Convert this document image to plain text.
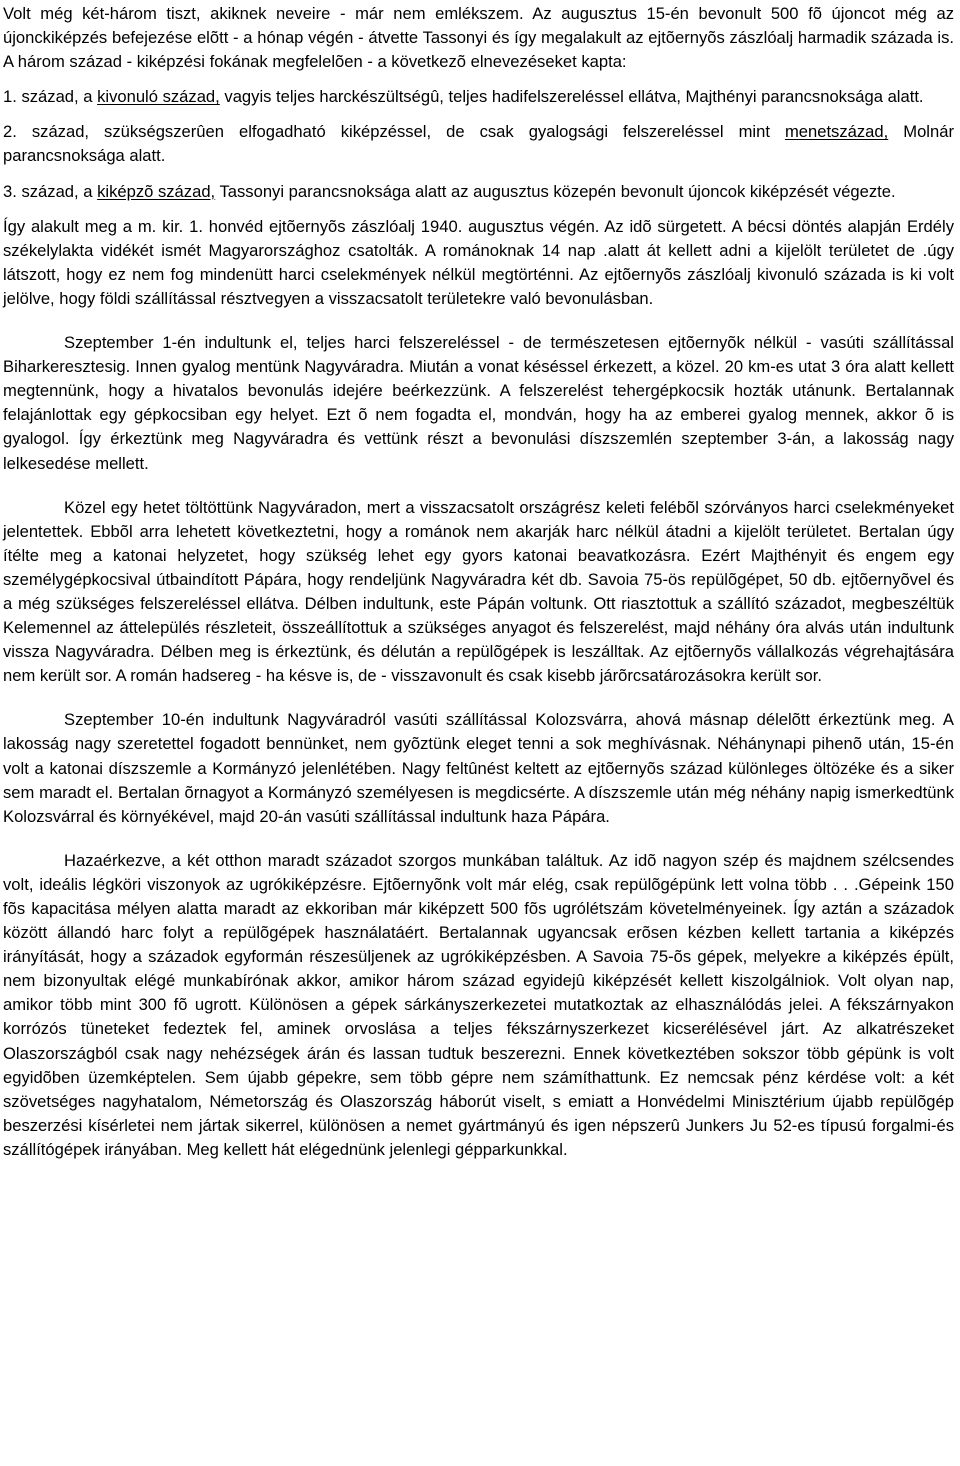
Volt még két-három tiszt, akiknek neveire - már nem emlékszem. Az augusztus 15-én bevonult 500 fõ újoncot még az újonckiképzés befejezése elõtt - a hónap végén - átvette Tassonyi és így megalakult az ejtõernyõs zászlóalj harmadik százada is. A három század - kiképzési fokának megfelelõen - a következõ elnevezéseket kapta:

1. század, a kivonuló század, vagyis teljes harckészültségû, teljes hadifelszereléssel ellátva, Majthényi parancsnoksága alatt.

2. század, szükségszerûen elfogadható kiképzéssel, de csak gyalogsági felszereléssel mint menetszázad, Molnár parancsnoksága alatt.

3. század, a kiképzõ század, Tassonyi parancsnoksága alatt az augusztus közepén bevonult újoncok kiképzését végezte.

Így alakult meg a m. kir. 1. honvéd ejtõernyõs zászlóalj 1940. augusztus végén. Az idõ sürgetett. A bécsi döntés alapján Erdély székelylakta vidékét ismét Magyarországhoz csatolták. A románoknak 14 nap .alatt át kellett adni a kijelölt területet de .úgy látszott, hogy ez nem fog mindenütt harci cselekmények nélkül megtörténni. Az ejtõernyõs zászlóalj kivonuló százada is ki volt jelölve, hogy földi szállítással résztvegyen a visszacsatolt területekre való bevonulásban.

Szeptember 1-én indultunk el, teljes harci felszereléssel - de természetesen ejtõernyõk nélkül - vasúti szállítással Biharkeresztesig. Innen gyalog mentünk Nagyváradra. Miután a vonat késéssel érkezett, a közel. 20 km-es utat 3 óra alatt kellett megtennünk, hogy a hivatalos bevonulás idejére beérkezzünk. A felszerelést tehergépkocsik hozták utánunk. Bertalannak felajánlottak egy gépkocsiban egy helyet. Ezt õ nem fogadta el, mondván, hogy ha az emberei gyalog mennek, akkor õ is gyalogol. Így érkeztünk meg Nagyváradra és vettünk részt a bevonulási díszszemlén szeptember 3-án, a lakosság nagy lelkesedése mellett.

Közel egy hetet töltöttünk Nagyváradon, mert a visszacsatolt országrész keleti felébõl szórványos harci cselekményeket jelentettek. Ebbõl arra lehetett következtetni, hogy a románok nem akarják harc nélkül átadni a kijelölt területet. Bertalan úgy ítélte meg a katonai helyzetet, hogy szükség lehet egy gyors katonai beavatkozásra. Ezért Majthényit és engem egy személygépkocsival útbaindított Pápára, hogy rendeljünk Nagyváradra két db. Savoia 75-ös repülõgépet, 50 db. ejtõernyõvel és a még szükséges felszereléssel ellátva. Délben indultunk, este Pápán voltunk. Ott riasztottuk a szállító századot, megbeszéltük Kelemennel az áttelepülés részleteit, összeállítottuk a szükséges anyagot és felszerelést, majd néhány óra alvás után indultunk vissza Nagyváradra. Délben meg is érkeztünk, és délután a repülõgépek is leszálltak. Az ejtõernyõs vállalkozás végrehajtására nem került sor. A román hadsereg - ha késve is, de - visszavonult és csak kisebb járõrcsatározásokra került sor.

Szeptember 10-én indultunk Nagyváradról vasúti szállítással Kolozsvárra, ahová másnap délelõtt érkeztünk meg. A lakosság nagy szeretettel fogadott bennünket, nem gyõztünk eleget tenni a sok meghívásnak. Néhánynapi pihenõ után, 15-én volt a katonai díszszemle a Kormányzó jelenlétében. Nagy feltûnést keltett az ejtõernyõs század különleges öltözéke és a siker sem maradt el. Bertalan õrnagyot a Kormányzó személyesen is megdicsérte. A díszszemle után még néhány napig ismerkedtünk Kolozsvárral és környékével, majd 20-án vasúti szállítással indultunk haza Pápára.

Hazaérkezve, a két otthon maradt századot szorgos munkában találtuk. Az idõ nagyon szép és majdnem szélcsendes volt, ideális légköri viszonyok az ugrókiképzésre. Ejtõernyõnk volt már elég, csak repülõgépünk lett volna több . . .Gépeink 150 fõs kapacitása mélyen alatta maradt az ekkoriban már kiképzett 500 fõs ugrólétszám követelményeinek. Így aztán a századok között állandó harc folyt a repülõgépek használatáért. Bertalannak ugyancsak erõsen kézben kellett tartania a kiképzés irányítását, hogy a századok egyformán részesüljenek az ugrókiképzésben. A Savoia 75-õs gépek, melyekre a kiképzés épült, nem bizonyultak elégé munkabírónak akkor, amikor három század egyidejû kiképzését kellett kiszolgálniok. Volt olyan nap, amikor több mint 300 fõ ugrott. Különösen a gépek sárkányszerkezetei mutatkoztak az elhasználódás jelei. A fékszárnyakon korrózós tüneteket fedeztek fel, aminek orvoslása a teljes fékszárnyszerkezet kicserélésével járt. Az alkatrészeket Olaszországból csak nagy nehézségek árán és lassan tudtuk beszerezni. Ennek következtében sokszor több gépünk is volt egyidõben üzemképtelen. Sem újabb gépekre, sem több gépre nem számíthattunk. Ez nemcsak pénz kérdése volt: a két szövetséges nagyhatalom, Németország és Olaszország háborút viselt, s emiatt a Honvédelmi Minisztérium újabb repülõgép beszerzési kísérletei nem jártak sikerrel, különösen a nemet gyártmányú és igen népszerû Junkers Ju 52-es típusú forgalmi-és szállítógépek irányában. Meg kellett hát elégednünk jelenlegi gépparkunkkal.
